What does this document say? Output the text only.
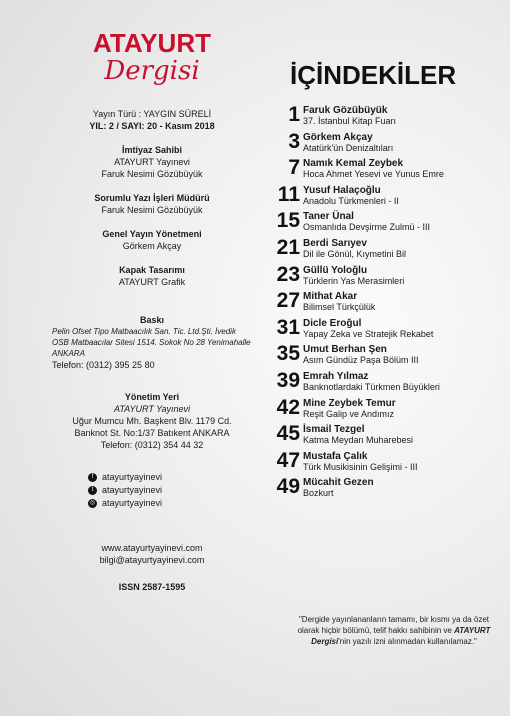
ATAYURT
Dergisi
Yayın Türü : YAYGIN SÜRELİ
YIL: 2 / SAYI: 20 - Kasım 2018
İmtiyaz Sahibi
ATAYURT Yayınevi
Faruk Nesimi Gözübüyük
Sorumlu Yazı İşleri Müdürü
Faruk Nesimi Gözübüyük
Genel Yayın Yönetmeni
Görkem Akçay
Kapak Tasarımı
ATAYURT Grafik
Baskı
Pelin Ofset Tipo Matbaacılık San. Tic. Ltd.Şti. İvedik OSB Matbaacılar Sitesi 1514. Sokok No 28 Yenimahalle ANKARA
Telefon: (0312) 395 25 80
Yönetim Yeri
ATAYURT Yayınevi
Uğur Mumcu Mh. Başkent Blv. 1179 Cd.
Banknot St. No:1/37 Batıkent ANKARA
Telefon: (0312) 354 44 32
f atayurtyayinevi
t atayurtyayinevi
◎ atayurtyayinevi
www.atayurtyayinevi.com
bilgi@atayurtyayinevi.com
ISSN 2587-1595
İÇİNDEKİLER
1 Faruk Gözübüyük
37. İstanbul Kitap Fuarı
3 Görkem Akçay
Atatürk'ün Denizaltıları
7 Namık Kemal Zeybek
Hoca Ahmet Yesevi ve Yunus Emre
11 Yusuf Halaçoğlu
Anadolu Türkmenleri - II
15 Taner Ünal
Osmanlıda Devşirme Zulmü - III
21 Berdi Sarıyev
Dil ile Gönül, Kıymetini Bil
23 Güllü Yoloğlu
Türklerin Yas Merasimleri
27 Mithat Akar
Bilimsel Türkçülük
31 Dicle Eroğul
Yapay Zeka ve Stratejik Rekabet
35 Umut Berhan Şen
Asım Gündüz Paşa Bölüm III
39 Emrah Yılmaz
Banknotlardaki Türkmen Büyükleri
42 Mine Zeybek Temur
Reşit Galip ve Andımız
45 İsmail Tezgel
Katma Meydan Muharebesi
47 Mustafa Çalık
Türk Musikisinin Gelişimi - III
49 Mücahit Gezen
Bozkurt
"Dergide yayınlananların tamamı, bir kısmı ya da özet olarak hiçbir bölümü, telif hakkı sahibinin ve ATAYURT Dergisi'nin yazılı izni alınmadan kullanılamaz."
